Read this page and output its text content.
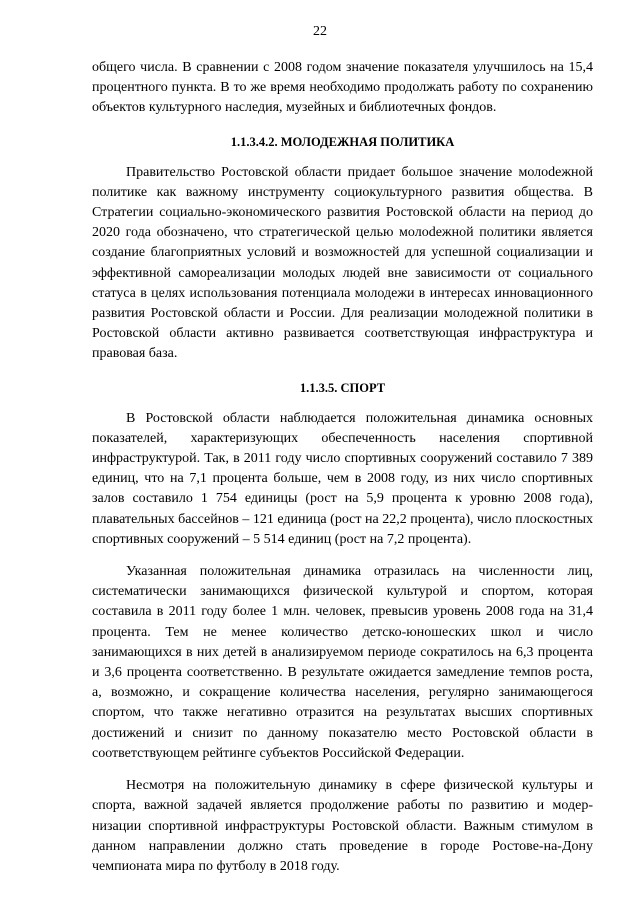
22

общего числа. В сравнении с 2008 годом значение показателя улучшилось на 15,4 процентного пункта. В то же время необходимо продолжать работу по сохранению объектов культурного наследия, музейных и библиотечных фондов.

1.1.3.4.2. МОЛОДЕЖНАЯ ПОЛИТИКА

Правительство Ростовской области придает большое значение молоdежной политике как важному инструменту социокультурного развития общества. В Стратегии социально-экономического развития Ростовской области на период до 2020 года обозначено, что стратегической целью молоdежной политики является создание благоприятных условий и возможностей для успешной социализации и эффективной самореализации молодых людей вне зависимости от социального статуса в целях использования потенциала молодежи в интересах инновационного развития Ростовской области и России. Для реализации молодежной политики в Ростовской области активно развивается соответствующая инфраструктура и правовая база.

1.1.3.5. СПОРТ

В Ростовской области наблюдается положительная динамика основных показателей, характеризующих обеспеченность населения спортивной инфраструктурой. Так, в 2011 году число спортивных сооружений составило 7 389 единиц, что на 7,1 процента больше, чем в 2008 году, из них число спортивных залов составило 1 754 единицы (рост на 5,9 процента к уровню 2008 года), плавательных бассейнов – 121 единица (рост на 22,2 процента), число плоскостных спортивных сооружений – 5 514 единиц (рост на 7,2 процента).

Указанная положительная динамика отразилась на численности лиц, систематически занимающихся физической культурой и спортом, которая составила в 2011 году более 1 млн. человек, превысив уровень 2008 года на 31,4 процента. Тем не менее количество детско-юношеских школ и число занимающихся в них детей в анализируемом периоде сократилось на 6,3 процента и 3,6 процента соответственно. В результате ожидается замедление темпов роста, а, возможно, и сокращение количества населения, регулярно занимающегося спортом, что также негативно отразится на результатах высших спортивных достижений и снизит по данному показателю место Ростовской области в соответствующем рейтинге субъектов Российской Федерации.

Несмотря на положительную динамику в сфере физической культуры и спорта, важной задачей является продолжение работы по развитию и модернизации спортивной инфраструктуры Ростовской области. Важным стимулом в данном направлении должно стать проведение в городе Ростове-на-Дону чемпионата мира по футболу в 2018 году.
